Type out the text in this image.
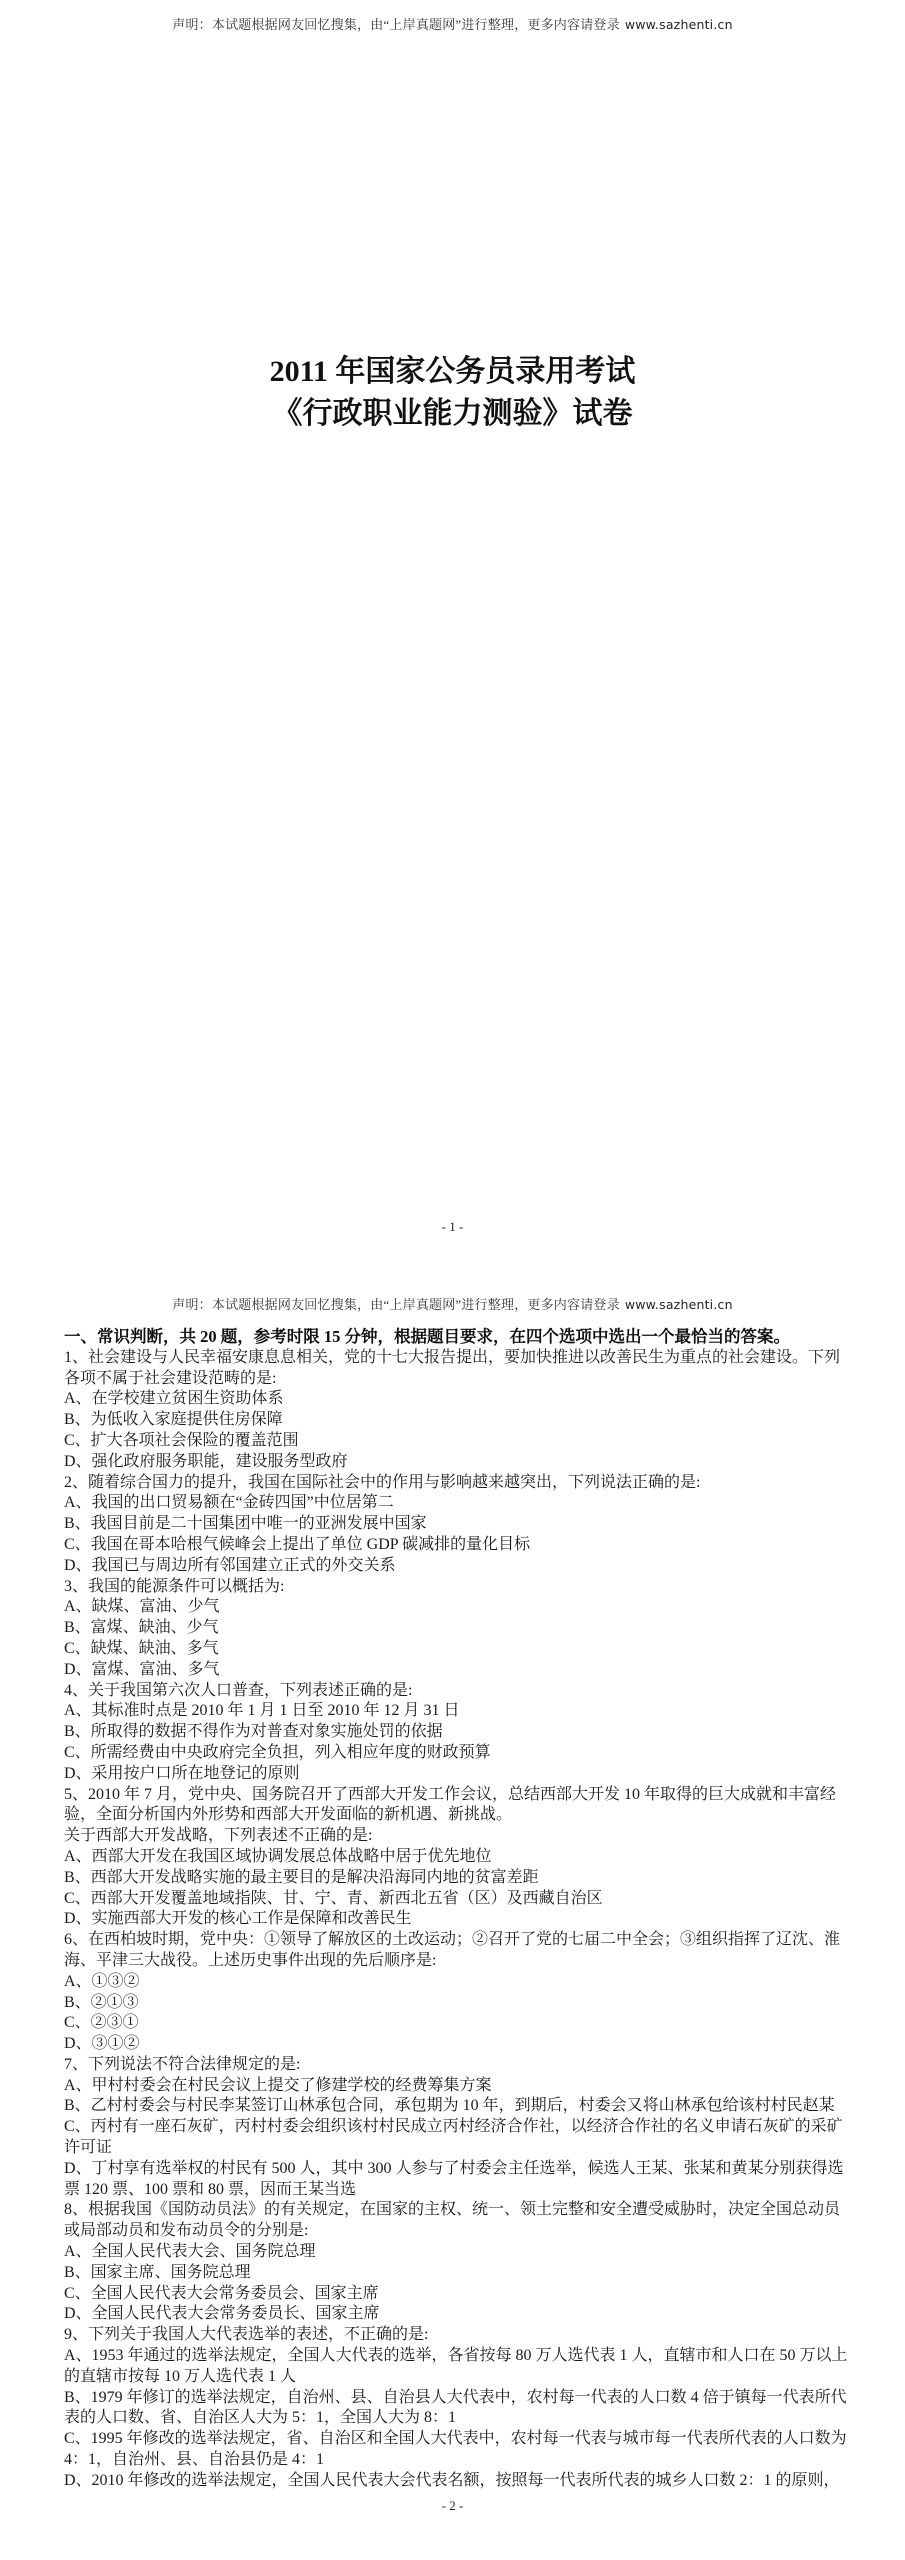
声明：本试题根据网友回忆搜集，由“上岸真题网”进行整理，更多内容请登录 www.sazhenti.cn
2011 年国家公务员录用考试
《行政职业能力测验》试卷
- 1 -
声明：本试题根据网友回忆搜集，由“上岸真题网”进行整理，更多内容请登录 www.sazhenti.cn
一、常识判断，共 20 题，参考时限 15 分钟，根据题目要求，在四个选项中选出一个最恰当的答案。
1、社会建设与人民幸福安康息息相关，党的十七大报告提出，要加快推进以改善民生为重点的社会建设。下列
各项不属于社会建设范畴的是:
A、在学校建立贫困生资助体系
B、为低收入家庭提供住房保障
C、扩大各项社会保险的覆盖范围
D、强化政府服务职能，建设服务型政府
2、随着综合国力的提升，我国在国际社会中的作用与影响越来越突出，下列说法正确的是:
A、我国的出口贸易额在“金砖四国”中位居第二
B、我国目前是二十国集团中唯一的亚洲发展中国家
C、我国在哥本哈根气候峰会上提出了单位 GDP 碳减排的量化目标
D、我国已与周边所有邻国建立正式的外交关系
3、我国的能源条件可以概括为:
A、缺煤、富油、少气
B、富煤、缺油、少气
C、缺煤、缺油、多气
D、富煤、富油、多气
4、关于我国第六次人口普查，下列表述正确的是:
A、其标准时点是 2010 年 1 月 1 日至 2010 年 12 月 31 日
B、所取得的数据不得作为对普查对象实施处罚的依据
C、所需经费由中央政府完全负担，列入相应年度的财政预算
D、采用按户口所在地登记的原则
5、2010 年 7 月，党中央、国务院召开了西部大开发工作会议，总结西部大开发 10 年取得的巨大成就和丰富经
验，全面分析国内外形势和西部大开发面临的新机遇、新挑战。
关于西部大开发战略，下列表述不正确的是:
A、西部大开发在我国区域协调发展总体战略中居于优先地位
B、西部大开发战略实施的最主要目的是解决沿海同内地的贫富差距
C、西部大开发覆盖地域指陕、甘、宁、青、新西北五省（区）及西藏自治区
D、实施西部大开发的核心工作是保障和改善民生
6、在西柏坡时期，党中央：①领导了解放区的土改运动；②召开了党的七届二中全会；③组织指挥了辽沈、淮
海、平津三大战役。上述历史事件出现的先后顺序是:
A、①③②
B、②①③
C、②③①
D、③①②
7、下列说法不符合法律规定的是:
A、甲村村委会在村民会议上提交了修建学校的经费筹集方案
B、乙村村委会与村民李某签订山林承包合同，承包期为 10 年，到期后，村委会又将山林承包给该村村民赵某
C、丙村有一座石灰矿，丙村村委会组织该村村民成立丙村经济合作社，以经济合作社的名义申请石灰矿的采矿
许可证
D、丁村享有选举权的村民有 500 人，其中 300 人参与了村委会主任选举，候选人王某、张某和黄某分别获得选
票 120 票、100 票和 80 票，因而王某当选
8、根据我国《国防动员法》的有关规定，在国家的主权、统一、领土完整和安全遭受威胁时，决定全国总动员
或局部动员和发布动员令的分别是:
A、全国人民代表大会、国务院总理
B、国家主席、国务院总理
C、全国人民代表大会常务委员会、国家主席
D、全国人民代表大会常务委员长、国家主席
9、下列关于我国人大代表选举的表述，不正确的是:
A、1953 年通过的选举法规定，全国人大代表的选举，各省按每 80 万人选代表 1 人，直辖市和人口在 50 万以上
的直辖市按每 10 万人选代表 1 人
B、1979 年修订的选举法规定，自治州、县、自治县人大代表中，农村每一代表的人口数 4 倍于镇每一代表所代
表的人口数、省、自治区人大为 5：1，全国人大为 8：1
C、1995 年修改的选举法规定，省、自治区和全国人大代表中，农村每一代表与城市每一代表所代表的人口数为
4：1，自治州、县、自治县仍是 4：1
D、2010 年修改的选举法规定，全国人民代表大会代表名额，按照每一代表所代表的城乡人口数 2：1 的原则，
- 2 -
